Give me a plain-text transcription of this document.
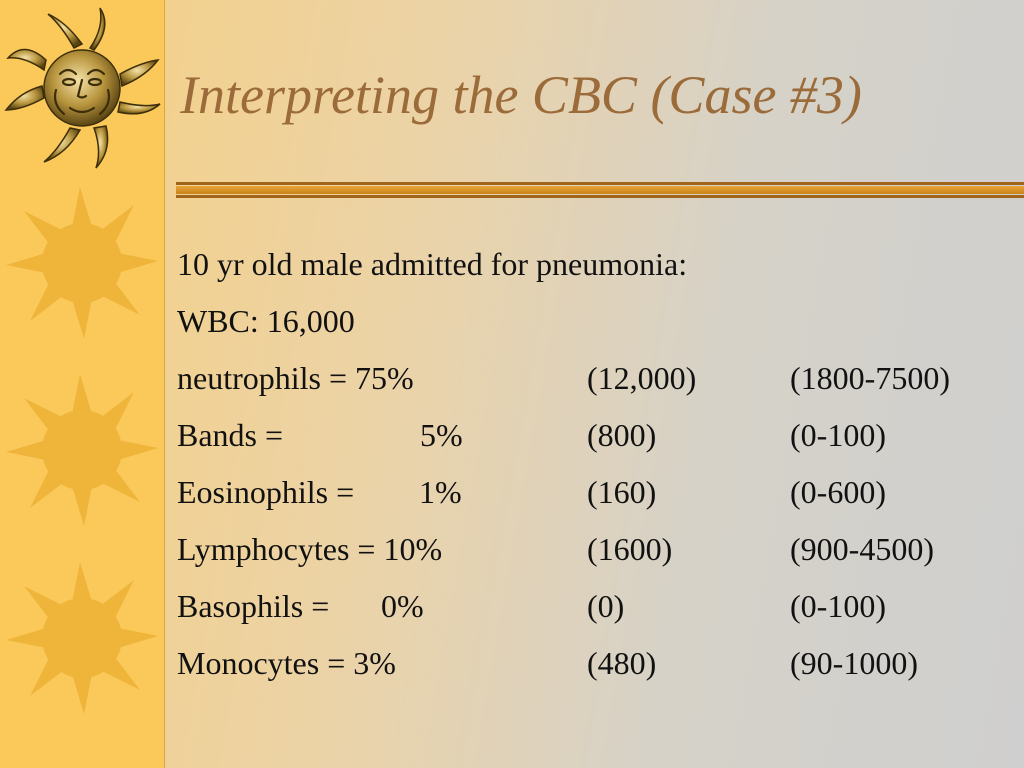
Interpreting the CBC (Case #3)
10 yr old male admitted for pneumonia:
WBC: 16,000
neutrophils = 75%	(12,000)	(1800-7500)
Bands =	5%	(800)	(0-100)
Eosinophils = 1%	(160)	(0-600)
Lymphocytes = 10%	(1600)	(900-4500)
Basophils = 0%	(0)	(0-100)
Monocytes = 3%	(480)	(90-1000)
